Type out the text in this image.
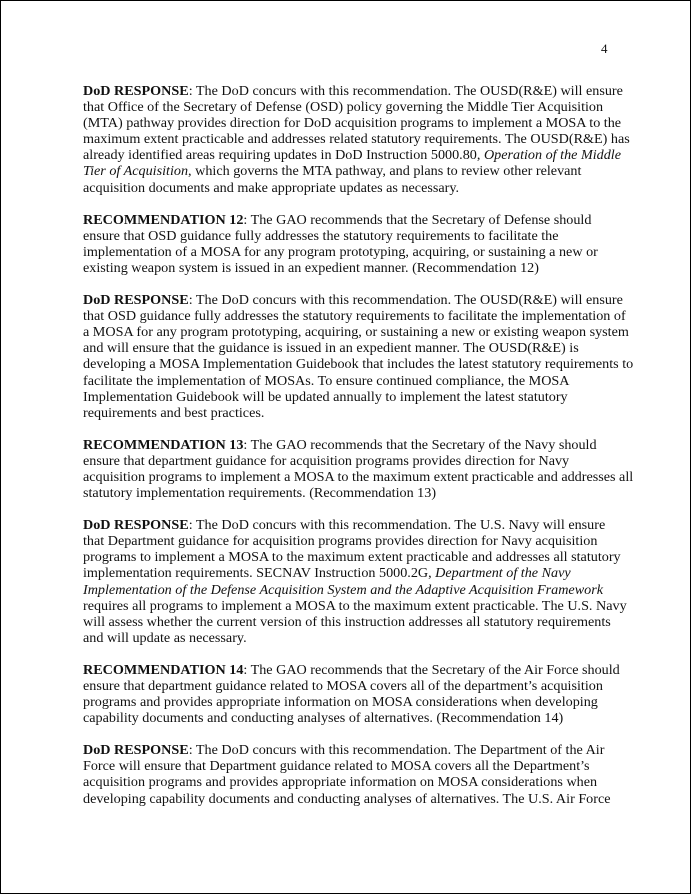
4

DoD RESPONSE: The DoD concurs with this recommendation. The OUSD(R&E) will ensure
that Office of the Secretary of Defense (OSD) policy governing the Middle Tier Acquisition
(MTA) pathway provides direction for DoD acquisition programs to implement a MOSA to the
maximum extent practicable and addresses related statutory requirements. The OUSD(R&E) has
already identified areas requiring updates in DoD Instruction 5000.80, Operation of the Middle
Tier of Acquisition, which governs the MTA pathway, and plans to review other relevant
acquisition documents and make appropriate updates as necessary.

RECOMMENDATION 12: The GAO recommends that the Secretary of Defense should
ensure that OSD guidance fully addresses the statutory requirements to facilitate the
implementation of a MOSA for any program prototyping, acquiring, or sustaining a new or
existing weapon system is issued in an expedient manner. (Recommendation 12)

DoD RESPONSE: The DoD concurs with this recommendation. The OUSD(R&E) will ensure
that OSD guidance fully addresses the statutory requirements to facilitate the implementation of
a MOSA for any program prototyping, acquiring, or sustaining a new or existing weapon system
and will ensure that the guidance is issued in an expedient manner. The OUSD(R&E) is
developing a MOSA Implementation Guidebook that includes the latest statutory requirements to
facilitate the implementation of MOSAs. To ensure continued compliance, the MOSA
Implementation Guidebook will be updated annually to implement the latest statutory
requirements and best practices.

RECOMMENDATION 13: The GAO recommends that the Secretary of the Navy should
ensure that department guidance for acquisition programs provides direction for Navy
acquisition programs to implement a MOSA to the maximum extent practicable and addresses all
statutory implementation requirements. (Recommendation 13)

DoD RESPONSE: The DoD concurs with this recommendation. The U.S. Navy will ensure
that Department guidance for acquisition programs provides direction for Navy acquisition
programs to implement a MOSA to the maximum extent practicable and addresses all statutory
implementation requirements. SECNAV Instruction 5000.2G, Department of the Navy
Implementation of the Defense Acquisition System and the Adaptive Acquisition Framework
requires all programs to implement a MOSA to the maximum extent practicable. The U.S. Navy
will assess whether the current version of this instruction addresses all statutory requirements
and will update as necessary.

RECOMMENDATION 14: The GAO recommends that the Secretary of the Air Force should
ensure that department guidance related to MOSA covers all of the department’s acquisition
programs and provides appropriate information on MOSA considerations when developing
capability documents and conducting analyses of alternatives. (Recommendation 14)

DoD RESPONSE: The DoD concurs with this recommendation. The Department of the Air
Force will ensure that Department guidance related to MOSA covers all the Department’s
acquisition programs and provides appropriate information on MOSA considerations when
developing capability documents and conducting analyses of alternatives. The U.S. Air Force
